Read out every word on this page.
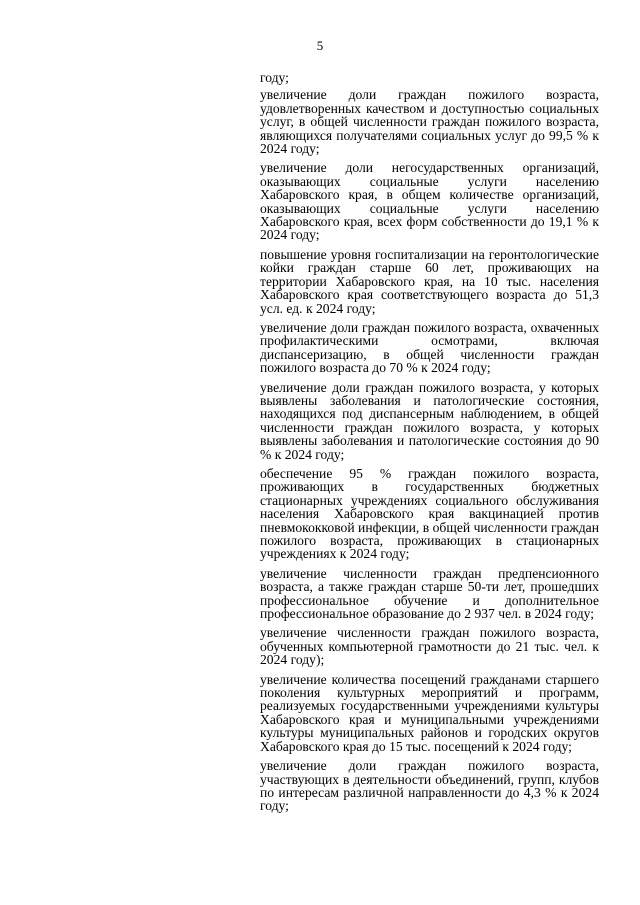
5

году;

увеличение доли граждан пожилого возраста, удовлетворенных качеством и доступностью социальных услуг, в общей численности граждан пожилого возраста, являющихся получателями социальных услуг до 99,5 % к 2024 году;

увеличение доли негосударственных организаций, оказывающих социальные услуги населению Хабаровского края, в общем количестве организаций, оказывающих социальные услуги населению Хабаровского края, всех форм собственности до 19,1 % к 2024 году;

повышение уровня госпитализации на геронтологические койки граждан старше 60 лет, проживающих на территории Хабаровского края, на 10 тыс. населения Хабаровского края соответствующего возраста до 51,3 усл. ед. к 2024 году;

увеличение доли граждан пожилого возраста, охваченных профилактическими осмотрами, включая диспансеризацию, в общей численности граждан пожилого возраста до 70 % к 2024 году;

увеличение доли граждан пожилого возраста, у которых выявлены заболевания и патологические состояния, находящихся под диспансерным наблюдением, в общей численности граждан пожилого возраста, у которых выявлены заболевания и патологические состояния до 90 % к 2024 году;

обеспечение 95 % граждан пожилого возраста, проживающих в государственных бюджетных стационарных учреждениях социального обслуживания населения Хабаровского края вакцинацией против пневмококковой инфекции, в общей численности граждан пожилого возраста, проживающих в стационарных учреждениях к 2024 году;

увеличение численности граждан предпенсионного возраста, а также граждан старше 50-ти лет, прошедших профессиональное обучение и дополнительное профессиональное образование до 2 937 чел. в 2024 году;

увеличение численности граждан пожилого возраста, обученных компьютерной грамотности до 21 тыс. чел. к 2024 году);

увеличение количества посещений гражданами старшего поколения культурных мероприятий и программ, реализуемых государственными учреждениями культуры Хабаровского края и муниципальными учреждениями культуры муниципальных районов и городских округов Хабаровского края до 15 тыс. посещений к 2024 году;

увеличение доли граждан пожилого возраста, участвующих в деятельности объединений, групп, клубов по интересам различной направленности до 4,3 % к 2024 году;
